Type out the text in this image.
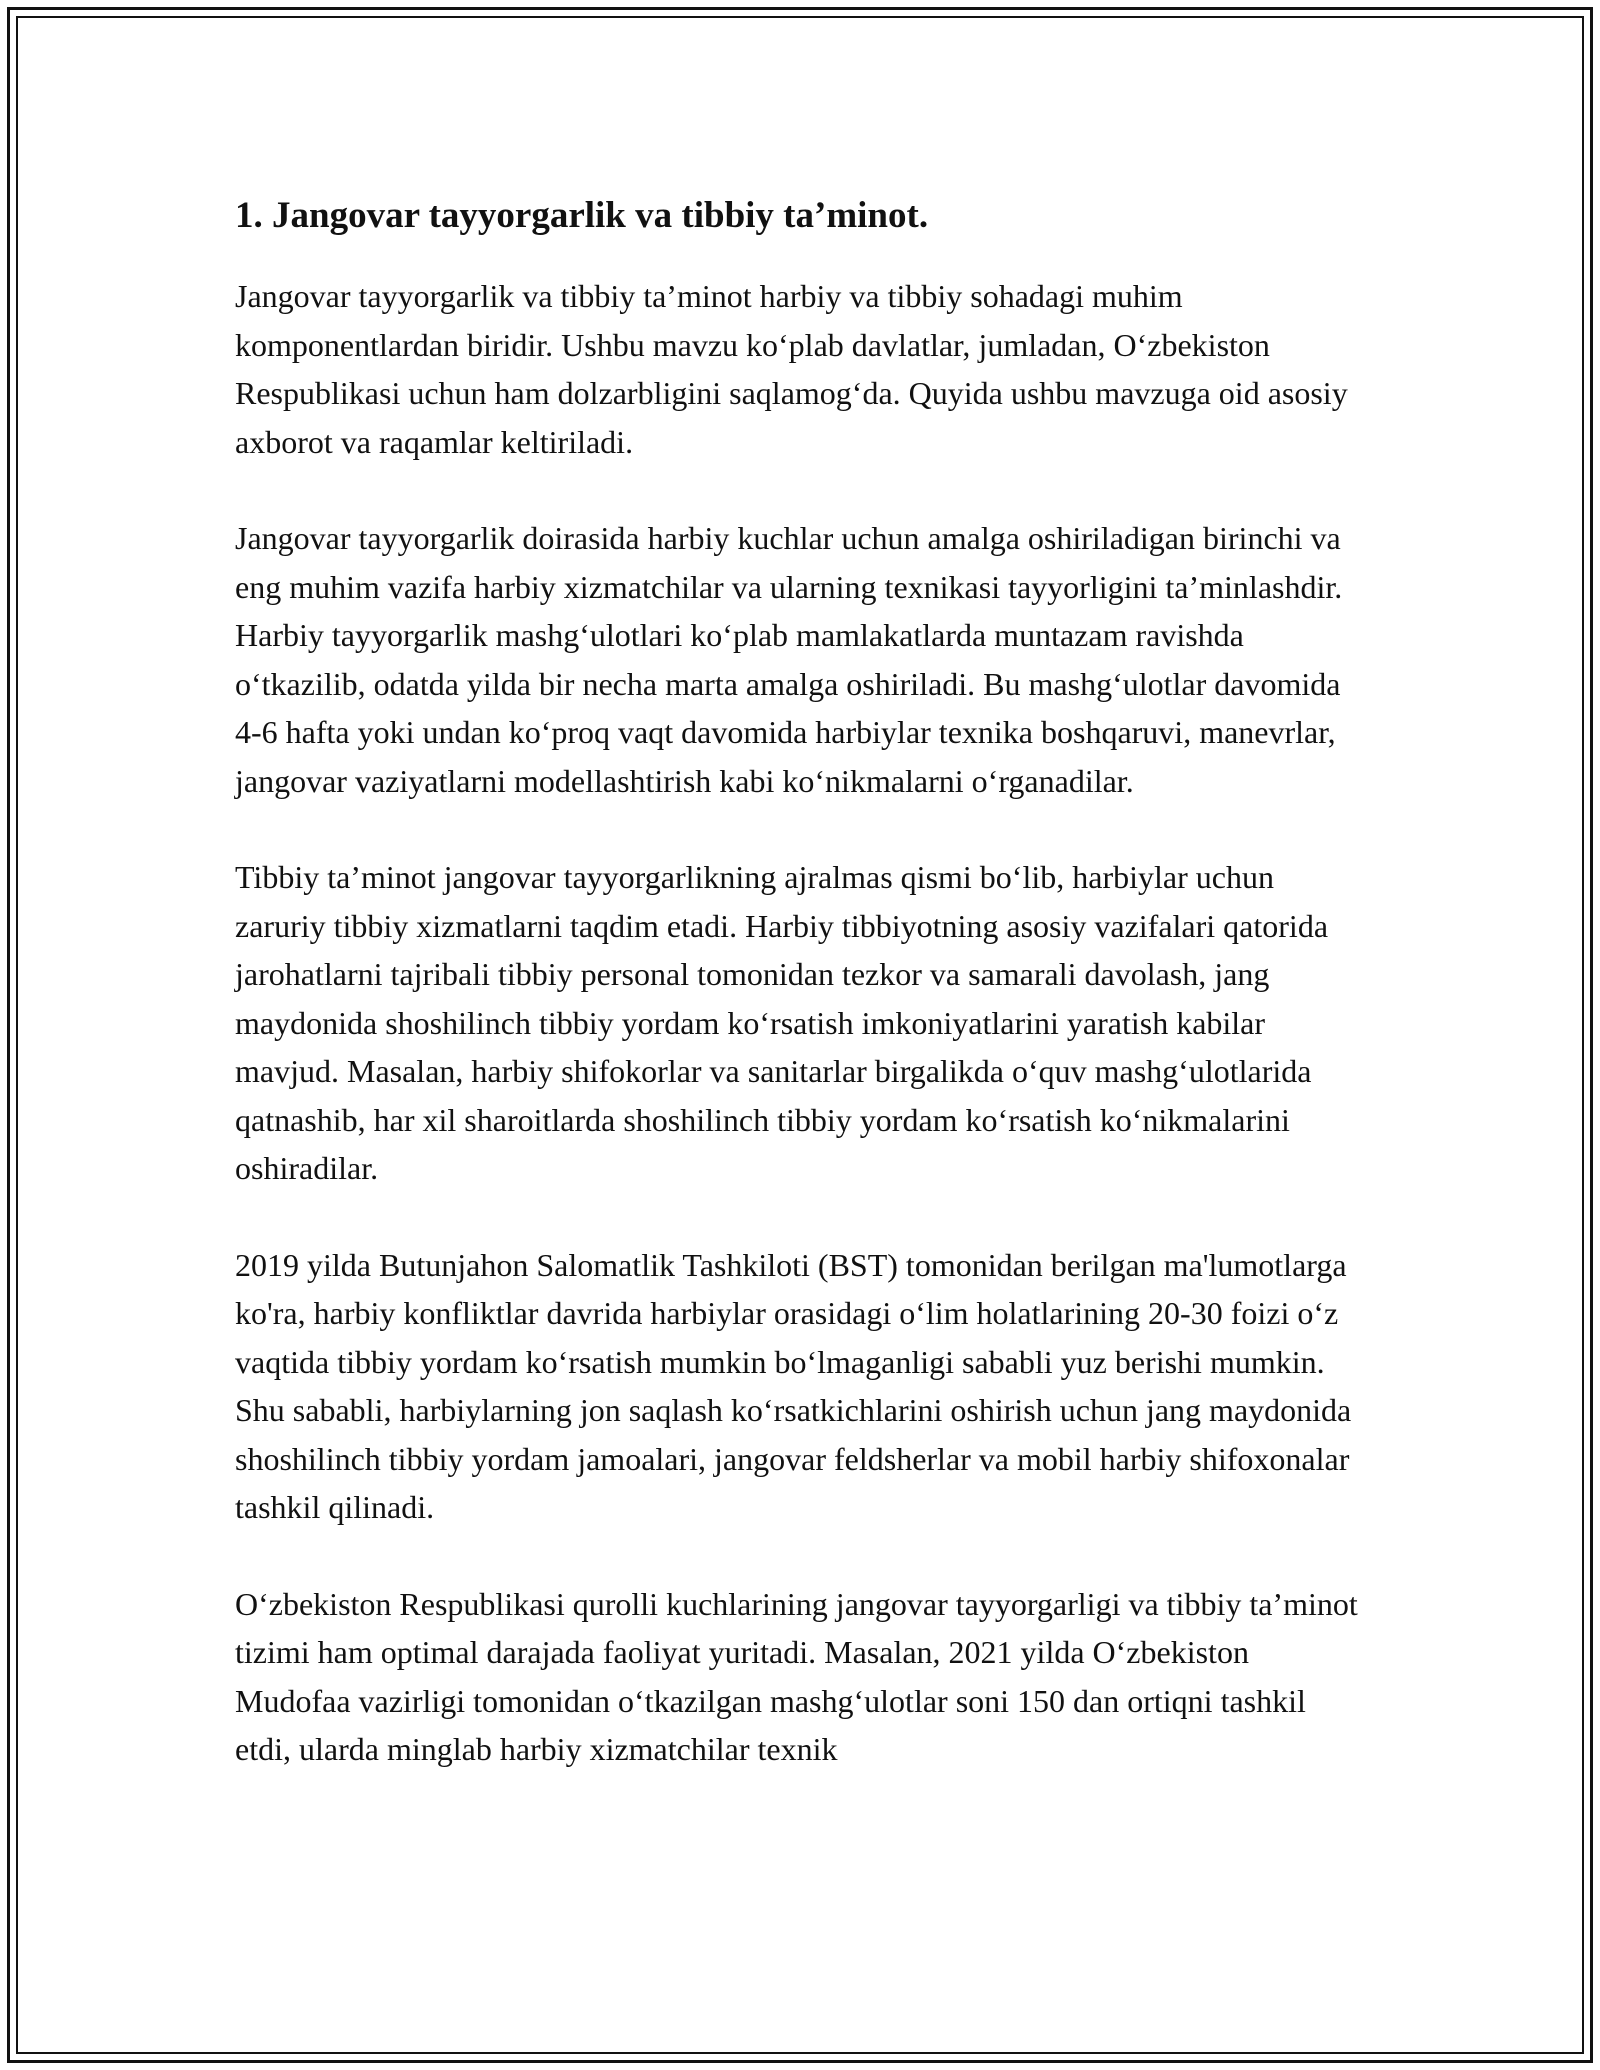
1. Jangovar tayyorgarlik va tibbiy ta’minot.

Jangovar tayyorgarlik va tibbiy ta’minot harbiy va tibbiy sohadagi muhim komponentlardan biridir. Ushbu mavzu ko‘plab davlatlar, jumladan, O‘zbekiston Respublikasi uchun ham dolzarbligini saqlamog‘da. Quyida ushbu mavzuga oid asosiy axborot va raqamlar keltiriladi.

Jangovar tayyorgarlik doirasida harbiy kuchlar uchun amalga oshiriladigan birinchi va eng muhim vazifa harbiy xizmatchilar va ularning texnikasi tayyorligini ta’minlashdir. Harbiy tayyorgarlik mashg‘ulotlari ko‘plab mamlakatlarda muntazam ravishda o‘tkazilib, odatda yilda bir necha marta amalga oshiriladi. Bu mashg‘ulotlar davomida 4-6 hafta yoki undan ko‘proq vaqt davomida harbiylar texnika boshqaruvi, manevrlar, jangovar vaziyatlarni modellashtirish kabi ko‘nikmalarni o‘rganadilar.

Tibbiy ta’minot jangovar tayyorgarlikning ajralmas qismi bo‘lib, harbiylar uchun zaruriy tibbiy xizmatlarni taqdim etadi. Harbiy tibbiyotning asosiy vazifalari qatorida jarohatlarni tajribali tibbiy personal tomonidan tezkor va samarali davolash, jang maydonida shoshilinch tibbiy yordam ko‘rsatish imkoniyatlarini yaratish kabilar mavjud. Masalan, harbiy shifokorlar va sanitarlar birgalikda o‘quv mashg‘ulotlarida qatnashib, har xil sharoitlarda shoshilinch tibbiy yordam ko‘rsatish ko‘nikmalarini oshiradilar.

2019 yilda Butunjahon Salomatlik Tashkiloti (BST) tomonidan berilgan ma'lumotlarga ko'ra, harbiy konfliktlar davrida harbiylar orasidagi o‘lim holatlarining 20-30 foizi o‘z vaqtida tibbiy yordam ko‘rsatish mumkin bo‘lmaganligi sababli yuz berishi mumkin. Shu sababli, harbiylarning jon saqlash ko‘rsatkichlarini oshirish uchun jang maydonida shoshilinch tibbiy yordam jamoalari, jangovar feldsherlar va mobil harbiy shifoxonalar tashkil qilinadi.

O‘zbekiston Respublikasi qurolli kuchlarining jangovar tayyorgarligi va tibbiy ta’minot tizimi ham optimal darajada faoliyat yuritadi. Masalan, 2021 yilda O‘zbekiston Mudofaa vazirligi tomonidan o‘tkazilgan mashg‘ulotlar soni 150 dan ortiqni tashkil etdi, ularda minglab harbiy xizmatchilar texnik
